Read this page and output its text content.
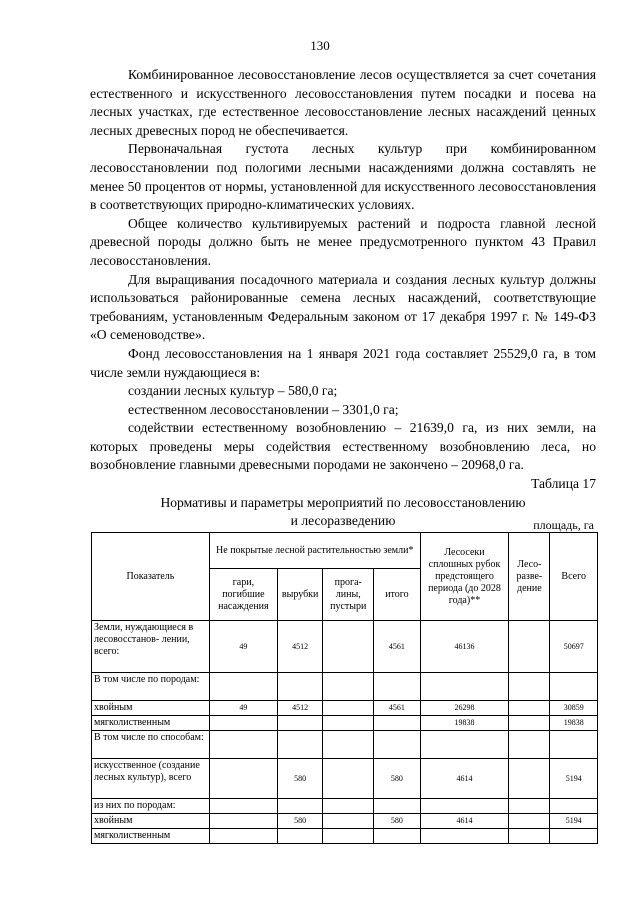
130

Комбинированное лесовосстановление лесов осуществляется за счет сочетания естественного и искусственного лесовосстановления путем посадки и посева на лесных участках, где естественное лесовосстановление лесных насаждений ценных лесных древесных пород не обеспечивается.

Первоначальная густота лесных культур при комбинированном лесовосстановлении под пологими лесными насаждениями должна составлять не менее 50 процентов от нормы, установленной для искусственного лесовосстановления в соответствующих природно-климатических условиях.

Общее количество культивируемых растений и подроста главной лесной древесной породы должно быть не менее предусмотренного пунктом 43 Правил лесовосстановления.

Для выращивания посадочного материала и создания лесных культур должны использоваться районированные семена лесных насаждений, соответствующие требованиям, установленным Федеральным законом от 17 декабря 1997 г. № 149-ФЗ «О семеноводстве».

Фонд лесовосстановления на 1 января 2021 года составляет 25529,0 га, в том числе земли нуждающиеся в:

создании лесных культур – 580,0 га;

естественном лесовосстановлении – 3301,0 га;

содействии естественному возобновлению – 21639,0 га, из них земли, на которых проведены меры содействия естественному возобновлению леса, но возобновление главными древесными породами не закончено – 20968,0 га.

Таблица 17

Нормативы и параметры мероприятий по лесовосстановлению
и лесоразведению	площадь, га
Показатель	Не покрытые лесной растительностью земли*				Лесосеки сплошных рубок предстоящего периода (до 2028 года)**	Лесо- разве- дение	Всего
	гари, погибшие насаждения	вырубки	прога- лины, пустыри	итого			
Земли, нуждающиеся в лесовосстанов- лении, всего:	49	4512		4561	46136		50697
В том числе по породам:							
хвойным	49	4512		4561	26298		30859
мягколиственным					19838		19838
В том числе по способам:							
искусственное (создание лесных культур), всего		580		580	4614		5194
из них по породам:							
хвойным		580		580	4614		5194
мягколиственным							
